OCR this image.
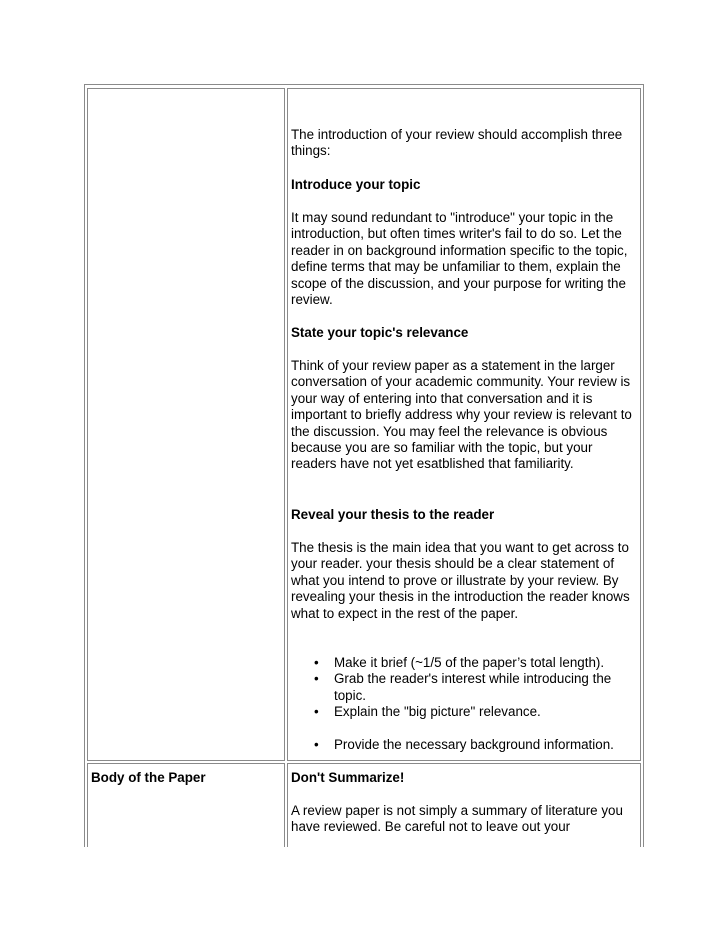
The introduction of your review should accomplish three things:

Introduce your topic

It may sound redundant to "introduce" your topic in the introduction, but often times writer's fail to do so. Let the reader in on background information specific to the topic, define terms that may be unfamiliar to them, explain the scope of the discussion, and your purpose for writing the review.

State your topic's relevance

Think of your review paper as a statement in the larger conversation of your academic community. Your review is your way of entering into that conversation and it is important to briefly address why your review is relevant to the discussion. You may feel the relevance is obvious because you are so familiar with the topic, but your readers have not yet esatblished that familiarity.

Reveal your thesis to the reader

The thesis is the main idea that you want to get across to your reader. your thesis should be a clear statement of what you intend to prove or illustrate by your review. By revealing your thesis in the introduction the reader knows what to expect in the rest of the paper.

• Make it brief (~1/5 of the paper’s total length).
• Grab the reader's interest while introducing the topic.
• Explain the "big picture" relevance.
• Provide the necessary background information.

Body of the Paper	Don't Summarize!

A review paper is not simply a summary of literature you have reviewed. Be careful not to leave out your
